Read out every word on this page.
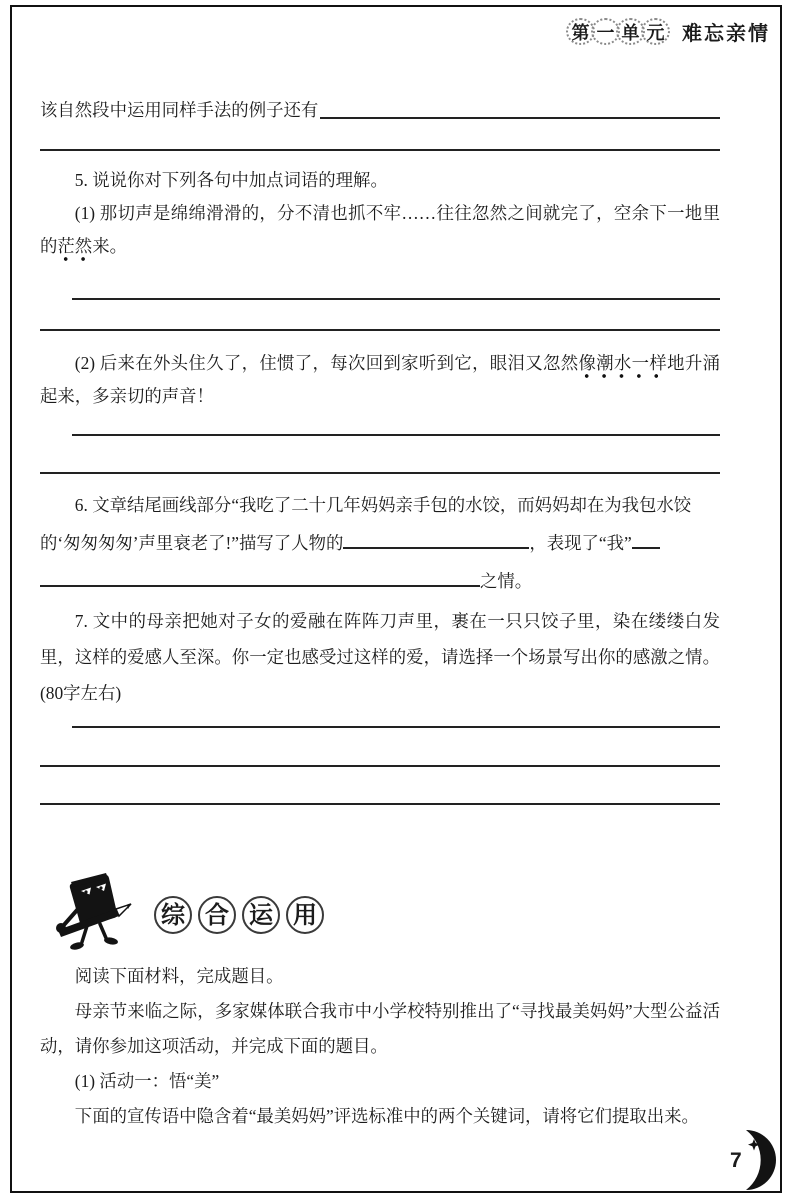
第 一 单 元 难忘亲情
该自然段中运用同样手法的例子还有

5. 说说你对下列各句中加点词语的理解。

(1) 那切声是绵绵滑滑的，分不清也抓不牢……往往忽然之间就完了，空余下一地里的茫然来。

(2) 后来在外头住久了，住惯了，每次回到家听到它，眼泪又忽然像潮水一样地升涌起来，多亲切的声音！

6. 文章结尾画线部分“我吃了二十几年妈妈亲手包的水饺，而妈妈却在为我包水饺
的‘匆匆匆匆’声里衰老了!”描写了人物的	，表现了“我”
之情。

7. 文中的母亲把她对子女的爱融在阵阵刀声里，裹在一只只饺子里，染在缕缕白发里，这样的爱感人至深。你一定也感受过这样的爱，请选择一个场景写出你的感激之情。(80字左右)

综 合 运 用

阅读下面材料，完成题目。

母亲节来临之际，多家媒体联合我市中小学校特别推出了“寻找最美妈妈”大型公益活动，请你参加这项活动，并完成下面的题目。

(1) 活动一：悟“美”

下面的宣传语中隐含着“最美妈妈”评选标准中的两个关键词，请将它们提取出来。

7
